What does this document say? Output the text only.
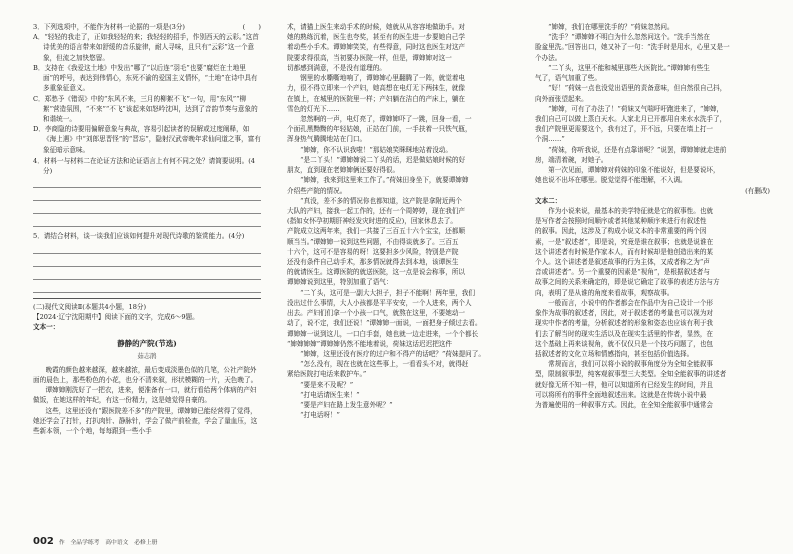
3．下列选项中，不能作为材料一论据的一项是(3分)	(　　)
A．“轻轻的我走了，正如我轻轻的来；我轻轻的招手，作别西天的云彩。”这首诗优美的语言带来如舒缓的音乐旋律，耐人寻味，且只有“云彩”这一个意象，但流之加快悠留。
B．支持在《我爱这土地》中发出“哪了”以后连“羽毛”也要“腐烂在土地里面”的呼号，表达到伟情心，东死不渝的爱国主义情怀，“土地”在诗中具有多重象征意义。
C．郑愁予《错误》中的“东风不来，三月的柳絮不飞”一句，用“东风”“柳絮”营造氛围，“不来”“不飞”该起来如怒吟沈叫，达到了音韵节奏与意象的和谐统一。
D．李商隐的诗要用偏解意象与典故，容易引起读者的误解或过度阐释，如《海上遇》中“刘郎思晋怪”的“晋忘”，隐射汉武帝晚年求仙问道之事，富有象征暗示意味。
4．材料一与材料二在论证方法和论证语言上有何不同之处？请简要说明。(4分)
5．请结合材料，谈一谈我们应该如何提升对现代诗歌的鉴赏能力。(4分)
(二)现代文阅读Ⅱ(本题共4小题，18分)
【2024·辽宁沈阳期中】阅读下面的文字，完成6～9题。
文本一：
静静的产院(节选)
茹志鹃
晚霞的颜色越来越深，越来越浓，最后变成淡墨色似的几笔，公社产院外面的晨色上，那些粉色的小花，也分不清来叙，形状模糊的一片，天色晚了。
谭婶婶刚洗好了一把衣，进来，便准备有一口，就行看给两个体病的产妇做饭，在她这样的年纪，有这一份精力，这是她觉得自豪的。
这些，这里还没有“跟医院差不多”的产院里，谭婶婶已能经营得了觉得，她还学会了打针，打扒肉针、静脉针，学会了做产前检查，学会了量血压，这些新本领，一个个地，每每跟到一些小手
术，请猫上医生来动手术的时候，她就从从容容地做助手。对
她的熟练沉着，医生也夸奖，甚至有的医生进一步要她自己学
着动些小手术。谭婶婶笑笑，有些得意，同时这也医生对这产
院要求得很高，当初要办医院一样，但是，谭婶婶对这一
切都感到满意，不是没有道理的。
　　钢里的水嘶嘶地响了，谭婶婶心里翻腾了一阵，就觉着电
力，很不得立即来一个产妇，她高想在电灯无下两抹生，就像
在镇上，在城里的医院里一样；产妇躺在洁白的产床上，躺在
雪色的灯光下……
　　忽然啊的一声，电灯亮了，谭婶婶吓了一跳，回身一看，一
个面孔黑黝黝的年轻姑娘，正站在门前，一手扶着一只铁气瓶，
浑身热气腾腾地站在门口。
　　“婶婶，你不认识我啦！”那姑娘笑眯眯地站着没动。
　　“是二丫头！”谭婶婶说二丫头的话，迟是做姑娘时候的好
朋友，直到现在老婶婶俩还要好得很。
　　“婶婶，我来到这里来工作了。”荷妹田身坐下，就要谭婶婶
介绍些产院的情况。
　　“真没，差不多的情况你也都知道，这产院是拿附近两个
大队的产妇，接我一起工作的，还有一个周婷婷，现在我们产
(指如女怀孕初期肝神经发灾时进的反应)，回家休息去了。
产院成立这两年来，我们一共接了三百五十六个宝宝，还都顺
顺当当。”谭婶婶一说到这些问题，不由得谈就多了。三百五
十六个，这可不是容易的呀！这要担多少风险，特别是产院
还没有条件自己动手术，那多情况就得去到本地，该谭医生
的就请医生。这谭医院的就送医院，这一点是说会称事，所以
谭婶婶说到这里，特别加重了语气：
　　“二丫头，这可是一副大大担子，担子不能啊！两年里，我们
没出过什么事情，大人小孩都是平平安安，一个人进来，两个人
出去。产妇们们拿一个小孩一口气，就熬在这里，不要她动一
动了，说不定，我们还说！”谭婶婶一面说，一面把身子倾过去看。
谭婶婶一说到这儿，一口白手套，她也就一边走进来，一个个都长
“婶婶婶婶”谭婶婶仍然不能地着说，荷妹这话迟迟把这件
　　“婶婶，这里还没有医疗的过户和不得产的话吧？”荷妹提问了。
　　“怎么没有，现在也就在这些事上，一看看头不对，就得赶
紧给医院打电话来救护车。”
　　“要是来不及呢？”
　　“打电话请医生来！”
　　“要是产妇在路上发生意外呢？”
　　“打电话呀！”
　　“婶婶，我们在哪里洗手的？”荷妹忽然问。
　　“洗手？”谭婶婶不明白为什么忽然问这个。“洗手当然在
脸盆里洗。”回答出口，她又补了一句：“洗手时是用水，心里又是一
个办法。
　　“二丫头，这里不能和城里那些大医院比。”谭婶婶有些生
气了，语气加重了些。
　　“好！”荷妹一点也没觉出语里的责备意味，但自然很自己抖，
向外面张望起来。
　　“婶婶，可有了办法了！”荷妹又气喘吁吁跑进来了，“婶婶，
我们自己可以做上蒸白天水。人家北月已开都用自来水水洗手了，
我们产院里更需要这个，我有过了，开不远，只要在墙上打一
个洞……”
　　“荷妹，你听我说，还是有点靠谱呢？”说罢，谭婶婶就走进前
房，端清着碗，对她子。
　　第一次见面，谭婶婶对荷妹的印象不能说好，但是要说坏，
她也说不出坏在哪里。脱觉觉得不能理解，不入调。
(有删改)
文本二：
　　作为小说来说，最基本的美学特征就是它的叙事性。也就
是写作者会按照时间顺序或者其他某种顺序来进行有叙述性
的叙事。因此，这涉及了构成小说文本的非常重要的两个因
素，一是“叙述者”，即是说，究竟是谁在叙事；也就是说谁在
这个讲述者有时候是作家本人，而有时候却是他创造出来的某
个人。这个讲述者是叙述故事的行为主体，又成者称之为“声
音或讲述者”。另一个重要的因素是“视角”，是根据叙述者与
故事之间的关系来确定的，即是说它确定了故事的表述方法与方
向，表明了是从谁的角度来看故事，观察故事。
　　一般而言，小说中的作者都会在作品中为自己设计一个形
象作为故事的叙述者，因此，对于叙述者的考量也可以视为对
现实中作者的考量，分析叙述者的形象和姿态也应该有利于我
们去了解当时的现实生活以及在现实生活里的作者，显然，在
这个基础上再来谈视角，就不仅仅只是一个技巧问题了，也包
括叙述者的文化立场和情感指向，甚至包括价值选择。
　　常规而言，我们可以将小说的叙事角度分为全知全能叙事
型，限制叙事型，纯客观叙事型三大类型。全知全能叙事的讲述者
就好像无所不知一样，他可以知道所有已经发生的时间，并且
可以将所有的事件全面地叙述出来。这就是在传统小说中最
为普遍使用的一种叙事方式。因此，在全知全能叙事中通常会
002 作　全品学练考　高中语文　必修上册
